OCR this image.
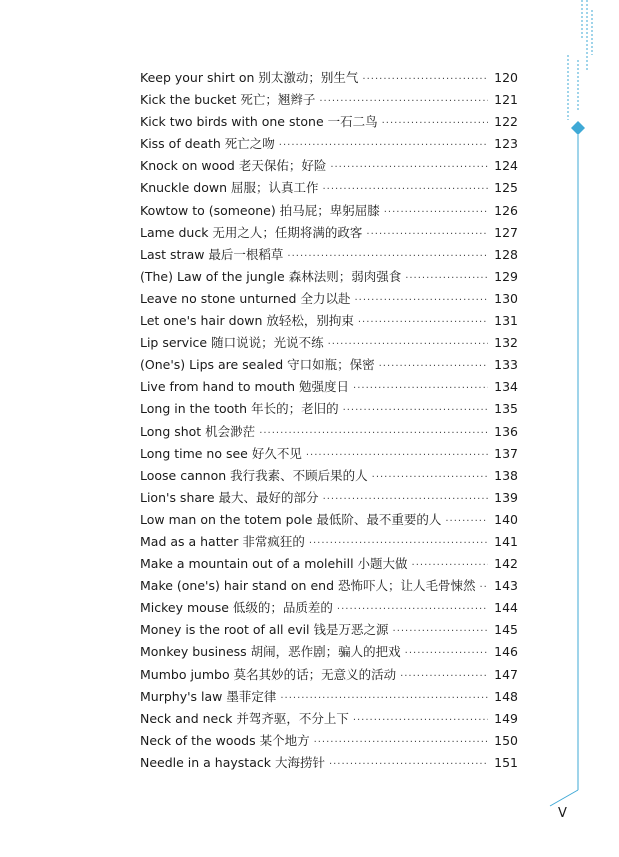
Keep your shirt on 别太激动；别生气 ·····	120
Kick the bucket 死亡；翘辫子 ·····	121
Kick two birds with one stone 一石二鸟 ·····	122
Kiss of death 死亡之吻 ·····	123
Knock on wood 老天保佑；好险 ·····	124
Knuckle down 屈服；认真工作 ·····	125
Kowtow to (someone) 拍马屁；卑躬屈膝 ·····	126
Lame duck 无用之人；任期将满的政客 ·····	127
Last straw 最后一根稻草 ·····	128
(The) Law of the jungle 森林法则；弱肉强食 ·····	129
Leave no stone unturned 全力以赴 ·····	130
Let one's hair down 放轻松，别拘束 ·····	131
Lip service 随口说说；光说不练 ·····	132
(One's) Lips are sealed 守口如瓶；保密 ·····	133
Live from hand to mouth 勉强度日 ·····	134
Long in the tooth 年长的；老旧的 ·····	135
Long shot 机会渺茫 ·····	136
Long time no see 好久不见 ·····	137
Loose cannon 我行我素、不顾后果的人 ·····	138
Lion's share 最大、最好的部分 ·····	139
Low man on the totem pole 最低阶、最不重要的人 ·····	140
Mad as a hatter 非常疯狂的 ·····	141
Make a mountain out of a molehill 小题大做 ·····	142
Make (one's) hair stand on end 恐怖吓人；让人毛骨悚然 ····· 143
Mickey mouse 低级的；品质差的 ·····	144
Money is the root of all evil 钱是万恶之源 ·····	145
Monkey business 胡闹，恶作剧；骗人的把戏 ·····	146
Mumbo jumbo 莫名其妙的话；无意义的活动 ·····	147
Murphy's law 墨菲定律 ·····	148
Neck and neck 并驾齐驱，不分上下 ·····	149
Neck of the woods 某个地方 ·····	150
Needle in a haystack 大海捞针 ·····	151
V
